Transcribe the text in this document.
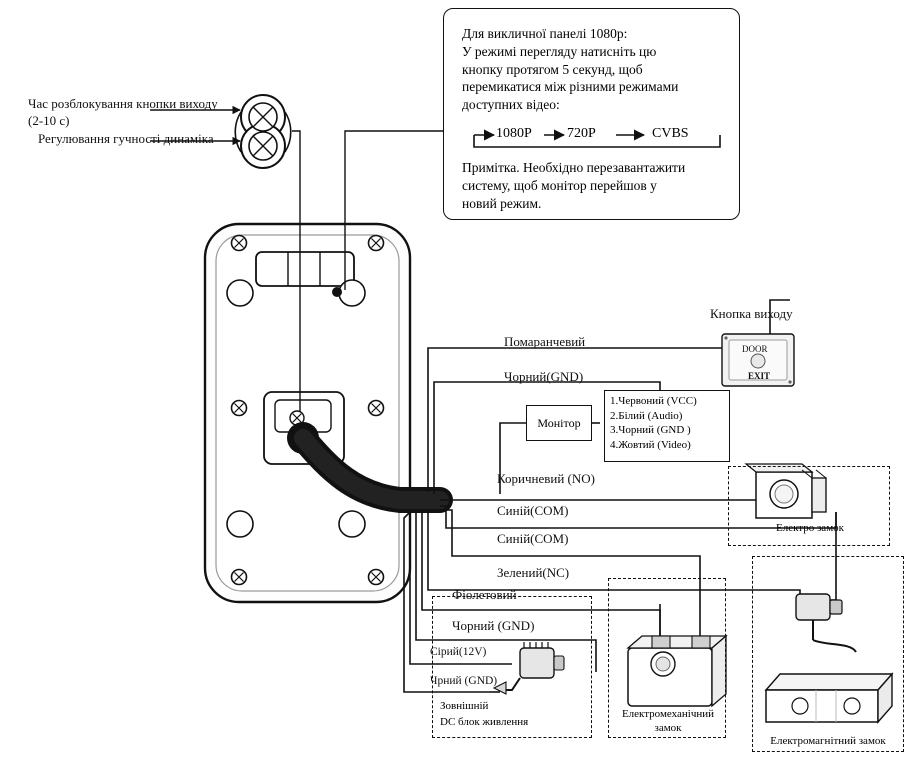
Для викличної панелі 1080p:

У режимі перегляду натисніть цю

кнопку протягом 5 секунд, щоб

перемикатися між різними режимами

доступних відео:

1080P	720P	CVBS

Примітка. Необхідно перезавантажити

систему, щоб монітор перейшов у

новий режим.

Час розблокування кнопки виходу
(2-10 с)
Регулювання гучності динаміка
Помаранчевий
Чорний(GND)
Коричневий (NO)
Синій(COM)
Синій(COM)
Зелений(NC)
Фіолетовий
Чорний (GND)
Сірий(12V)
Чрний (GND)
Монітор
1.Червоний (VCC)
2.Білий (Audio)
3.Чорний (GND )
4.Жовтий (Video)
Кнопка виходу
DOOR
EXIT
Електро замок
Електромеханічний
замок
Електромагнітний замок
Зовнішній
DC блок живлення
